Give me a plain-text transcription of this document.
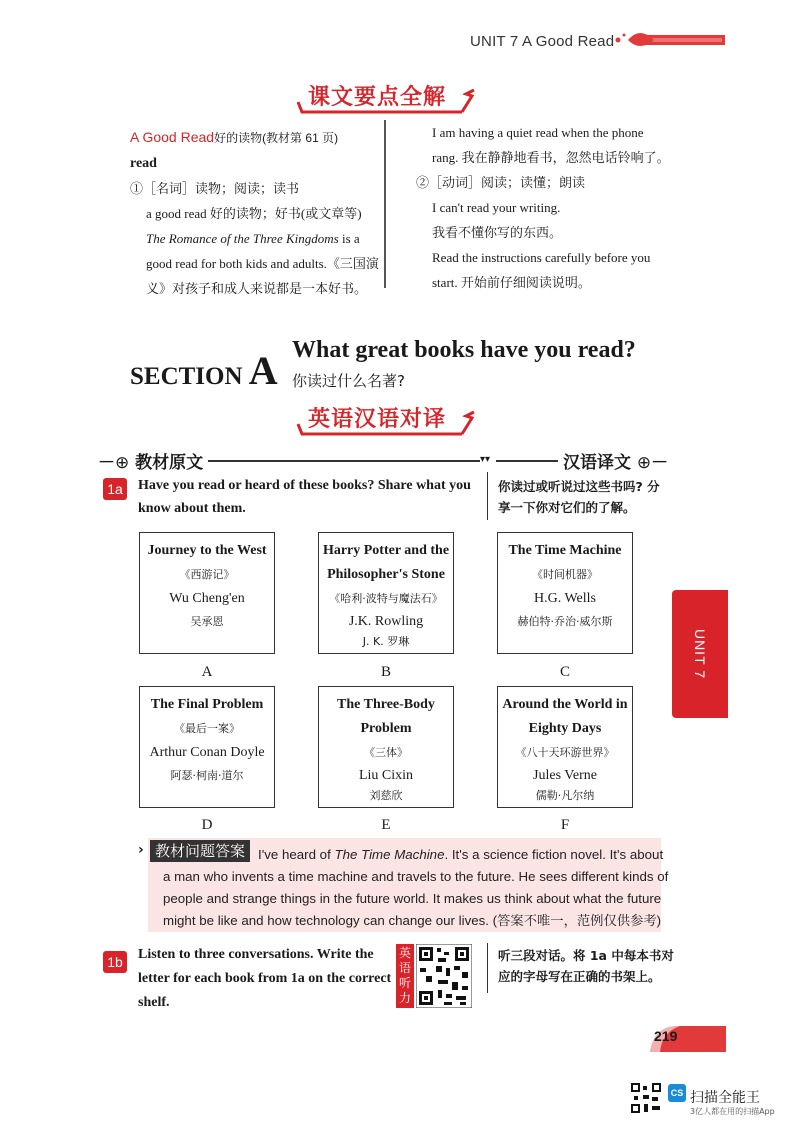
UNIT 7 A Good Read
课文要点全解
A Good Read好的读物(教材第 61 页)
read
①［名词］读物；阅读；读书
a good read 好的读物；好书(或文章等)
The Romance of the Three Kingdoms is a
good read for both kids and adults.《三国演
义》对孩子和成人来说都是一本好书。
I am having a quiet read when the phone
rang. 我在静静地看书，忽然电话铃响了。
②［动词］阅读；读懂；朗读
I can't read your writing.
我看不懂你写的东西。
Read the instructions carefully before you
start. 开始前仔细阅读说明。
SECTION A What great books have you read?
你读过什么名著?
英语汉语对译
－⊕ 教材原文	▾▾	汉语译文 ⊕－
1a	Have you read or heard of these books? Share what you
know about them.
你读过或听说过这些书吗? 分
享一下你对它们的了解。
Journey to the West
《西游记》
Wu Cheng'en
吴承恩
Harry Potter and the
Philosopher's Stone
《哈利·波特与魔法石》
J.K. Rowling
J. K. 罗琳
The Time Machine
《时间机器》
H.G. Wells
赫伯特·乔治·威尔斯
A	B	C
The Final Problem
《最后一案》
Arthur Conan Doyle
阿瑟·柯南·道尔
The Three-Body
Problem
《三体》
Liu Cixin
刘慈欣
Around the World in
Eighty Days
《八十天环游世界》
Jules Verne
儒勒·凡尔纳
D	E	F
UNIT 7
› 教材问题答案 I've heard of The Time Machine. It's a science fiction novel. It's about
a man who invents a time machine and travels to the future. He sees different kinds of
people and strange things in the future world. It makes us think about what the future
might be like and how technology can change our lives. (答案不唯一，范例仅供参考)
1b	Listen to three conversations. Write the
letter for each book from 1a on the correct
shelf.
英语听力
听三段对话。将 1a 中每本书对
应的字母写在正确的书架上。
219
CS 扫描全能王
3亿人都在用的扫描App
